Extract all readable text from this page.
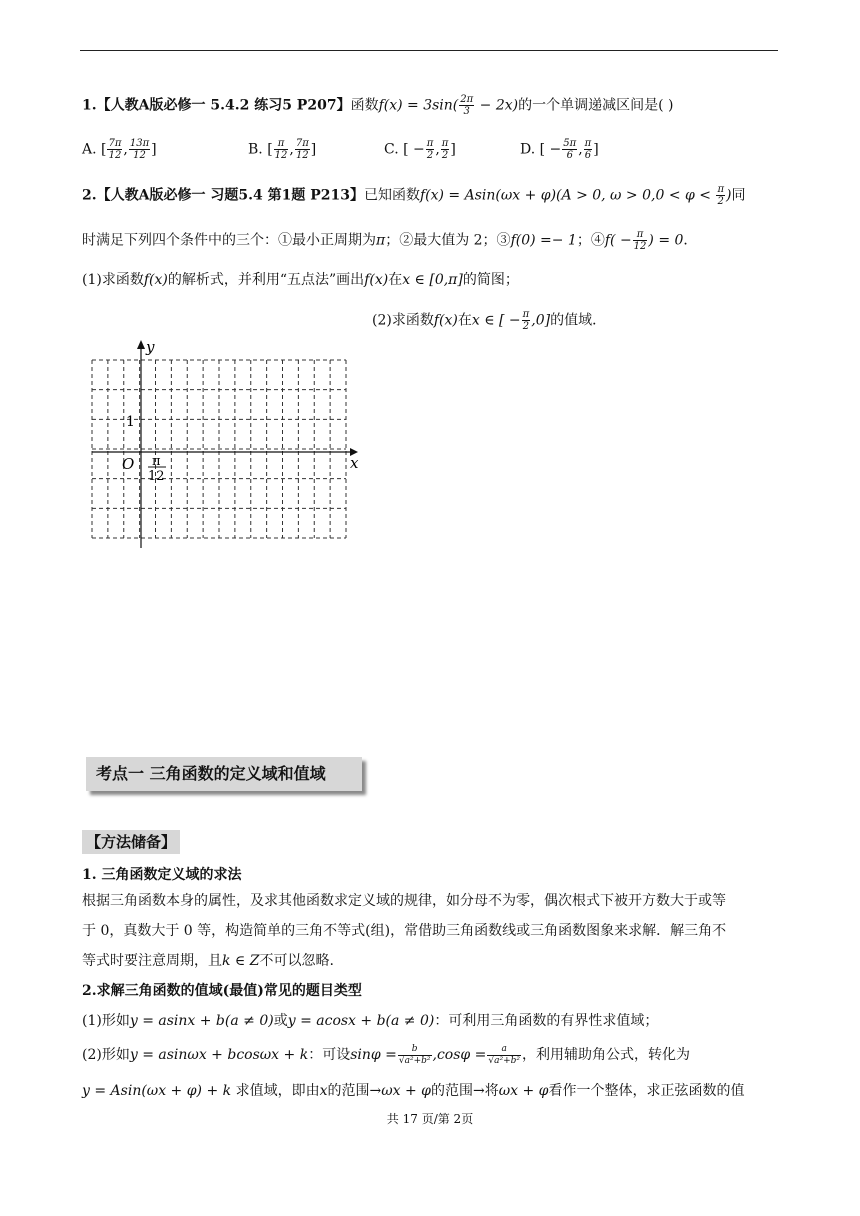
1.【人教A版必修一 5.4.2 练习5 P207】函数$f(x) = 3\sin( \frac{2\pi}{3} - 2x)$的一个单调递减区间是( )
A. [ $\frac{7\pi}{12}$ , $\frac{13\pi}{12}$ ]	B. [ $\frac{\pi}{12}$ , $\frac{7\pi}{12}$ ]	C. [ − $\frac{\pi}{2}$ , $\frac{\pi}{2}$ ]	D. [ − $\frac{5\pi}{6}$ , $\frac{\pi}{6}$ ]
2.【人教A版必修一 习题5.4 第1题 P213】已知函数f(x) = Asin(ωx + φ)(A > 0, $\omega > 0,0 < \varphi < \frac{\pi}{2}$ )同
时满足下列四个条件中的三个：①最小正周期为π；②最大值为 2；③f(0) =− 1；④f( − $\frac{\pi}{12}$ ) = 0．
(1)求函数f(x)的解析式，并利用“五点法”画出f(x)在x ∈ [0,π]的简图；
(2)求函数f(x)在x ∈ [ − $\frac{\pi}{2} ,0$]的值域．
y
x
O
1
π
12
考点一 三角函数的定义域和值域
【方法储备】
1. 三角函数定义域的求法
根据三角函数本身的属性，及求其他函数求定义域的规律，如分母不为零，偶次根式下被开方数大于或等
于 0，真数大于 0 等，构造简单的三角不等式(组)，常借助三角函数线或三角函数图象来求解．解三角不
等式时要注意周期，且k ∈ Z不可以忽略.
2.求解三角函数的值域(最值)常见的题目类型
(1)形如y = asinx + b(a ≠ 0)或y = acosx + b(a ≠ 0)：可利用三角函数的有界性求值域；
(2)形如y = asinωx + bcosωx + k：可设$\sin\varphi = \frac{b}{\text{√a²+b²}} ,\cos\varphi = \frac{a}{\text{√a²+b²}}$ ，利用辅助角公式，转化为
y = Asin(ωx + φ) + k 求值域，即由x的范围→ωx + φ的范围→将ωx + φ看作一个整体，求正弦函数的值
共 17 页/第 2页
